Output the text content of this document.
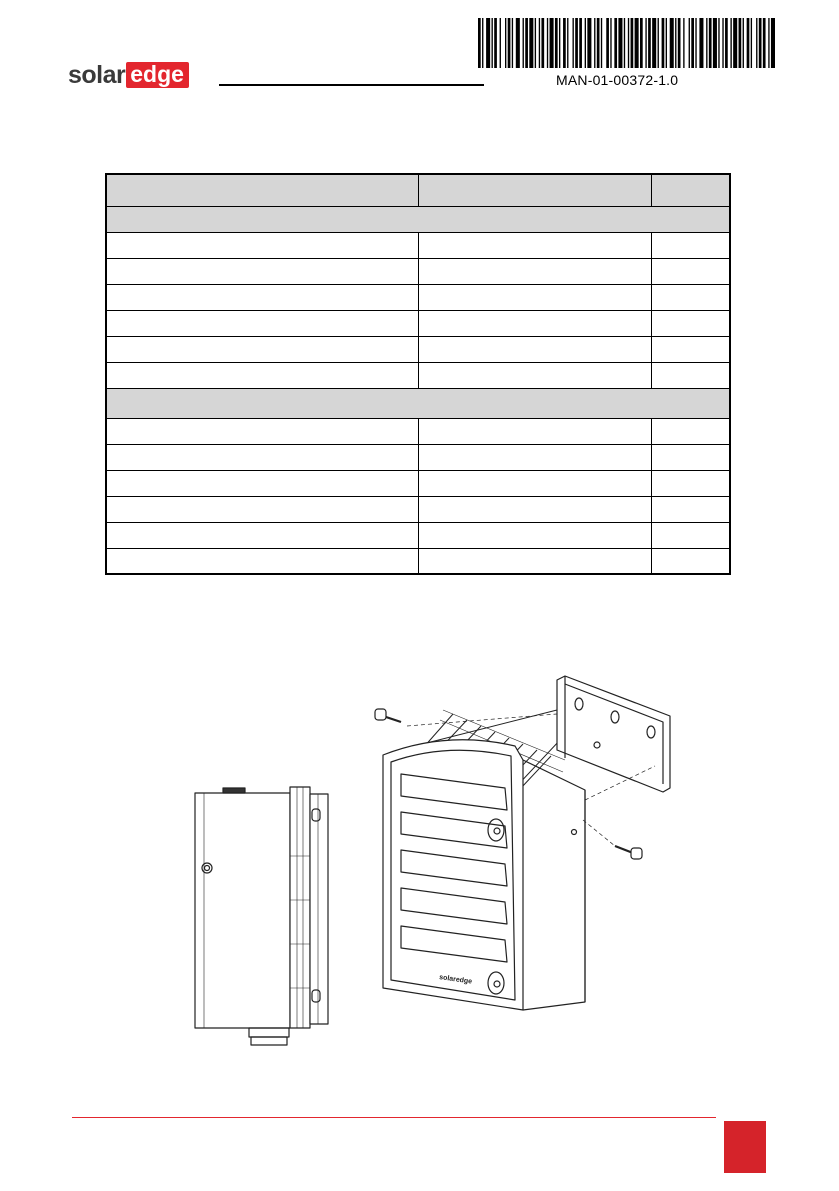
solar edge	MAN-01-00372-1.0

solaredge
